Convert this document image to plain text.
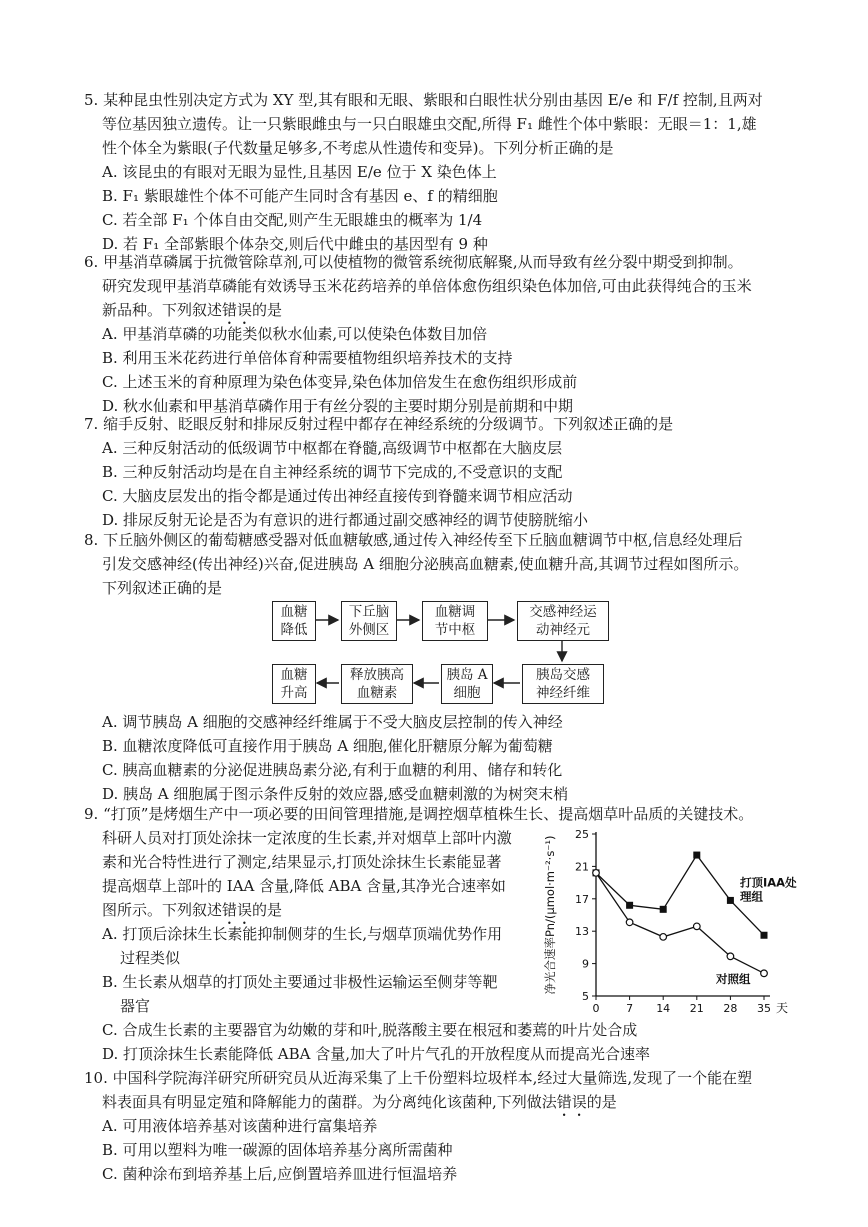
5. 某种昆虫性别决定方式为 XY 型,其有眼和无眼、紫眼和白眼性状分别由基因 E/e 和 F/f 控制,且两对
等位基因独立遗传。让一只紫眼雌虫与一只白眼雄虫交配,所得 F₁ 雌性个体中紫眼：无眼＝1：1,雄
性个体全为紫眼(子代数量足够多,不考虑从性遗传和变异)。下列分析正确的是
A. 该昆虫的有眼对无眼为显性,且基因 E/e 位于 X 染色体上
B. F₁ 紫眼雄性个体不可能产生同时含有基因 e、f 的精细胞
C. 若全部 F₁ 个体自由交配,则产生无眼雄虫的概率为 1/4
D. 若 F₁ 全部紫眼个体杂交,则后代中雌虫的基因型有 9 种
6. 甲基消草磷属于抗微管除草剂,可以使植物的微管系统彻底解聚,从而导致有丝分裂中期受到抑制。
研究发现甲基消草磷能有效诱导玉米花药培养的单倍体愈伤组织染色体加倍,可由此获得纯合的玉米
新品种。下列叙述错误的是
A. 甲基消草磷的功能类似秋水仙素,可以使染色体数目加倍
B. 利用玉米花药进行单倍体育种需要植物组织培养技术的支持
C. 上述玉米的育种原理为染色体变异,染色体加倍发生在愈伤组织形成前
D. 秋水仙素和甲基消草磷作用于有丝分裂的主要时期分别是前期和中期
7. 缩手反射、眨眼反射和排尿反射过程中都存在神经系统的分级调节。下列叙述正确的是
A. 三种反射活动的低级调节中枢都在脊髓,高级调节中枢都在大脑皮层
B. 三种反射活动均是在自主神经系统的调节下完成的,不受意识的支配
C. 大脑皮层发出的指令都是通过传出神经直接传到脊髓来调节相应活动
D. 排尿反射无论是否为有意识的进行都通过副交感神经的调节使膀胱缩小
8. 下丘脑外侧区的葡萄糖感受器对低血糖敏感,通过传入神经传至下丘脑血糖调节中枢,信息经处理后
引发交感神经(传出神经)兴奋,促进胰岛 A 细胞分泌胰高血糖素,使血糖升高,其调节过程如图所示。
下列叙述正确的是
血糖
降低
下丘脑
外侧区
血糖调
节中枢
交感神经运
动神经元
血糖
升高
释放胰高
血糖素
胰岛 A
细胞
胰岛交感
神经纤维
A. 调节胰岛 A 细胞的交感神经纤维属于不受大脑皮层控制的传入神经
B. 血糖浓度降低可直接作用于胰岛 A 细胞,催化肝糖原分解为葡萄糖
C. 胰高血糖素的分泌促进胰岛素分泌,有利于血糖的利用、储存和转化
D. 胰岛 A 细胞属于图示条件反射的效应器,感受血糖刺激的为树突末梢
9. “打顶”是烤烟生产中一项必要的田间管理措施,是调控烟草植株生长、提高烟草叶品质的关键技术。
科研人员对打顶处涂抹一定浓度的生长素,并对烟草上部叶内激
素和光合特性进行了测定,结果显示,打顶处涂抹生长素能显著
提高烟草上部叶的 IAA 含量,降低 ABA 含量,其净光合速率如
图所示。下列叙述错误的是
A. 打顶后涂抹生长素能抑制侧芽的生长,与烟草顶端优势作用
过程类似
B. 生长素从烟草的打顶处主要通过非极性运输运至侧芽等靶
器官
C. 合成生长素的主要器官为幼嫩的芽和叶,脱落酸主要在根冠和萎蔫的叶片处合成
D. 打顶涂抹生长素能降低 ABA 含量,加大了叶片气孔的开放程度从而提高光合速率
5
9
13
17
21
25
0 7 14 21 28 35 天
净光合速率Pn/(μmol·m⁻²·s⁻¹)	打顶IAA处
理组
对照组
10. 中国科学院海洋研究所研究员从近海采集了上千份塑料垃圾样本,经过大量筛选,发现了一个能在塑
料表面具有明显定殖和降解能力的菌群。为分离纯化该菌种,下列做法错误的是
A. 可用液体培养基对该菌种进行富集培养
B. 可用以塑料为唯一碳源的固体培养基分离所需菌种
C. 菌种涂布到培养基上后,应倒置培养皿进行恒温培养
